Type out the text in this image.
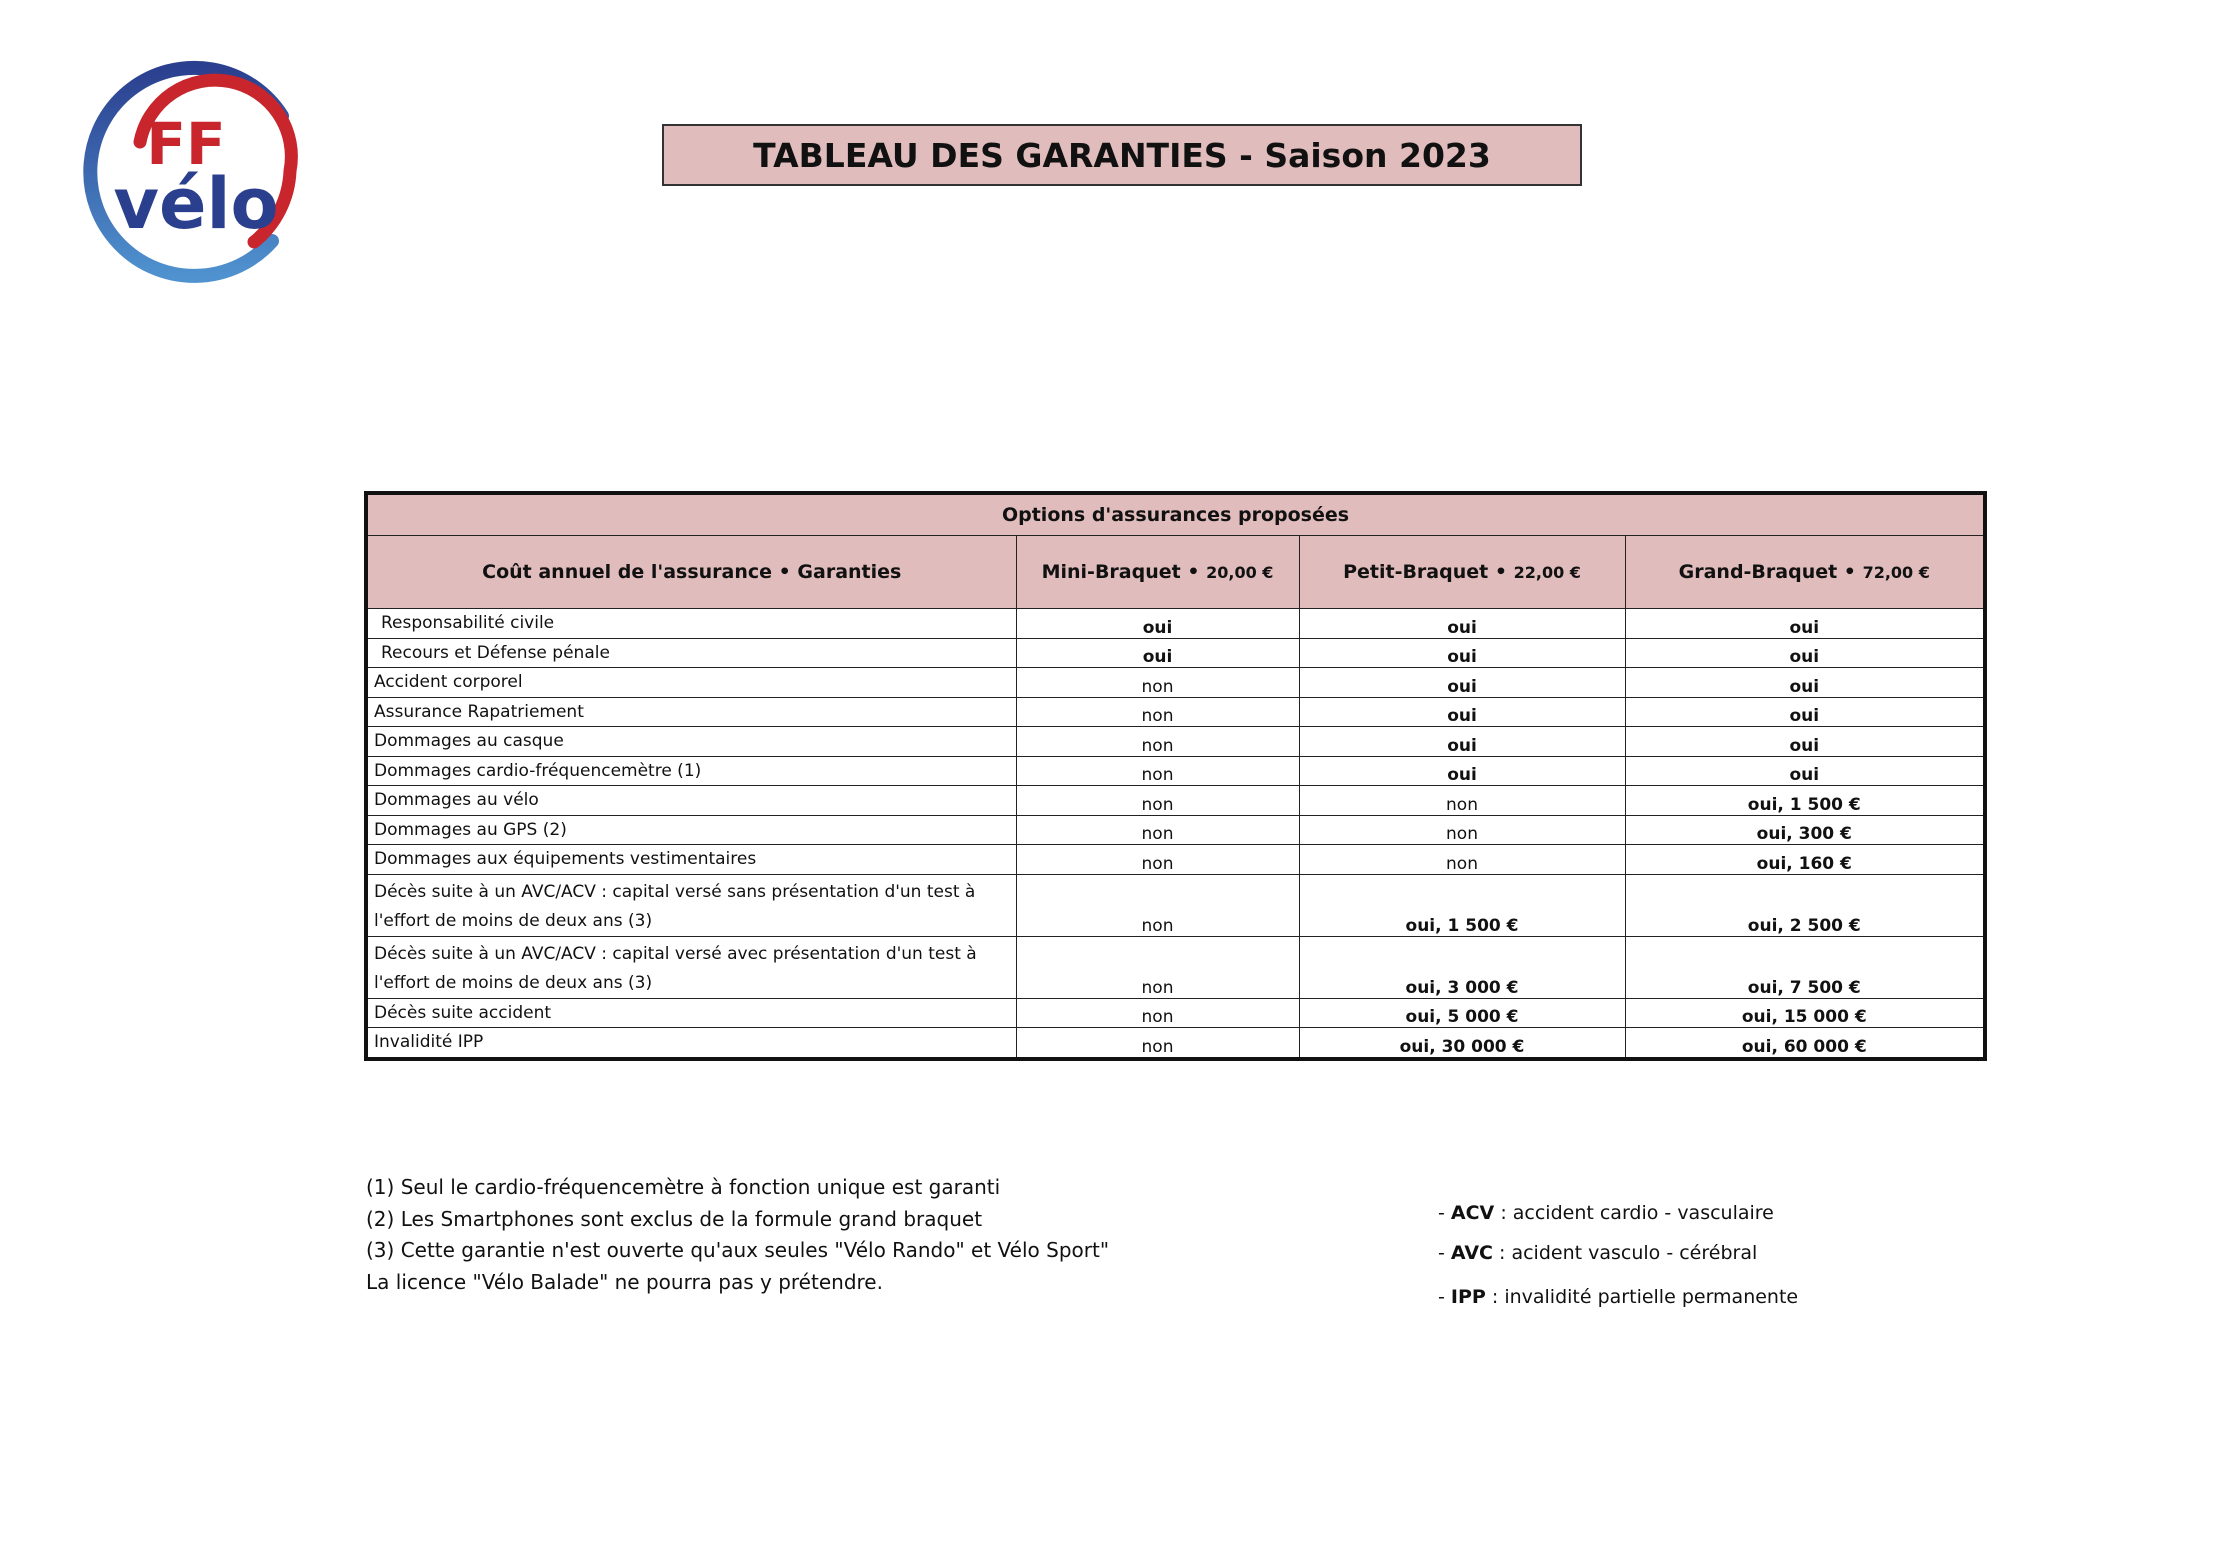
FF
vélo
TABLEAU DES GARANTIES - Saison 2023
Options d'assurances proposées			
Coût annuel de l'assurance • Garanties	Mini-Braquet • 20,00 €	Petit-Braquet • 22,00 €	Grand-Braquet • 72,00 €
Responsabilité civile	oui	oui	oui
Recours et Défense pénale	oui	oui	oui
Accident corporel	non	oui	oui
Assurance Rapatriement	non	oui	oui
Dommages au casque	non	oui	oui
Dommages cardio-fréquencemètre (1)	non	oui	oui
Dommages au vélo	non	non	oui, 1 500 €
Dommages au GPS (2)	non	non	oui, 300 €
Dommages aux équipements vestimentaires	non	non	oui, 160 €
Décès suite à un AVC/ACV : capital versé sans présentation d'un test à l'effort de moins de deux ans (3)	non	oui, 1 500 €	oui, 2 500 €
Décès suite à un AVC/ACV : capital versé avec présentation d'un test à l'effort de moins de deux ans (3)	non	oui, 3 000 €	oui, 7 500 €
Décès suite accident	non	oui, 5 000 €	oui, 15 000 €
Invalidité IPP	non	oui, 30 000 €	oui, 60 000 €
(1) Seul le cardio-fréquencemètre à fonction unique est garanti
(2) Les Smartphones sont exclus de la formule grand braquet
(3) Cette garantie n'est ouverte qu'aux seules "Vélo Rando" et Vélo Sport"
La licence "Vélo Balade" ne pourra pas y prétendre.
- ACV : accident cardio - vasculaire
- AVC : acident vasculo - cérébral
- IPP : invalidité partielle permanente
